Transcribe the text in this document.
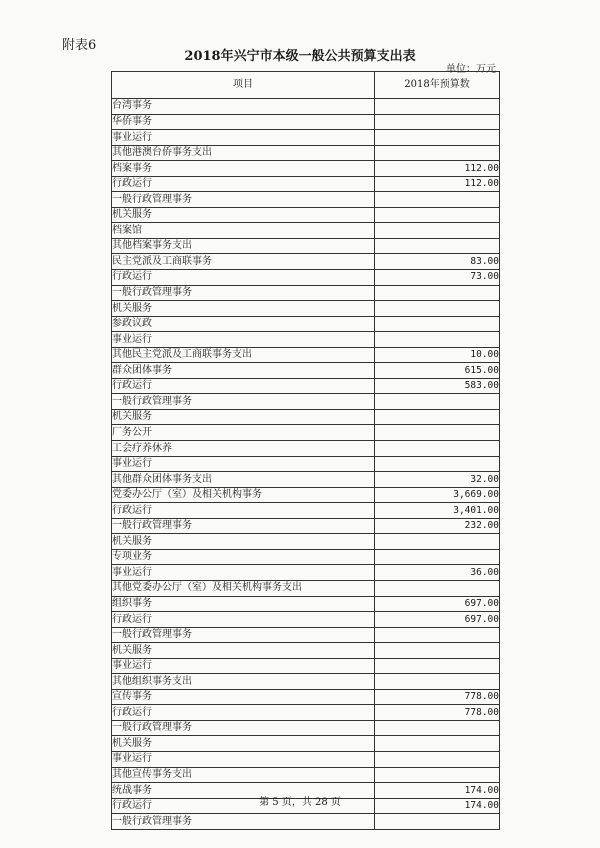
附表6
2018年兴宁市本级一般公共预算支出表
单位：万元
项目	2018年预算数
台湾事务	
华侨事务	
事业运行	
其他港澳台侨事务支出	
档案事务	112.00
行政运行	112.00
一般行政管理事务	
机关服务	
档案馆	
其他档案事务支出	
民主党派及工商联事务	83.00
行政运行	73.00
一般行政管理事务	
机关服务	
参政议政	
事业运行	
其他民主党派及工商联事务支出	10.00
群众团体事务	615.00
行政运行	583.00
一般行政管理事务	
机关服务	
厂务公开	
工会疗养休养	
事业运行	
其他群众团体事务支出	32.00
党委办公厅（室）及相关机构事务	3,669.00
行政运行	3,401.00
一般行政管理事务	232.00
机关服务	
专项业务	
事业运行	36.00
其他党委办公厅（室）及相关机构事务支出	
组织事务	697.00
行政运行	697.00
一般行政管理事务	
机关服务	
事业运行	
其他组织事务支出	
宣传事务	778.00
行政运行	778.00
一般行政管理事务	
机关服务	
事业运行	
其他宣传事务支出	
统战事务	174.00
行政运行	174.00
一般行政管理事务	
第 5 页，共 28 页
